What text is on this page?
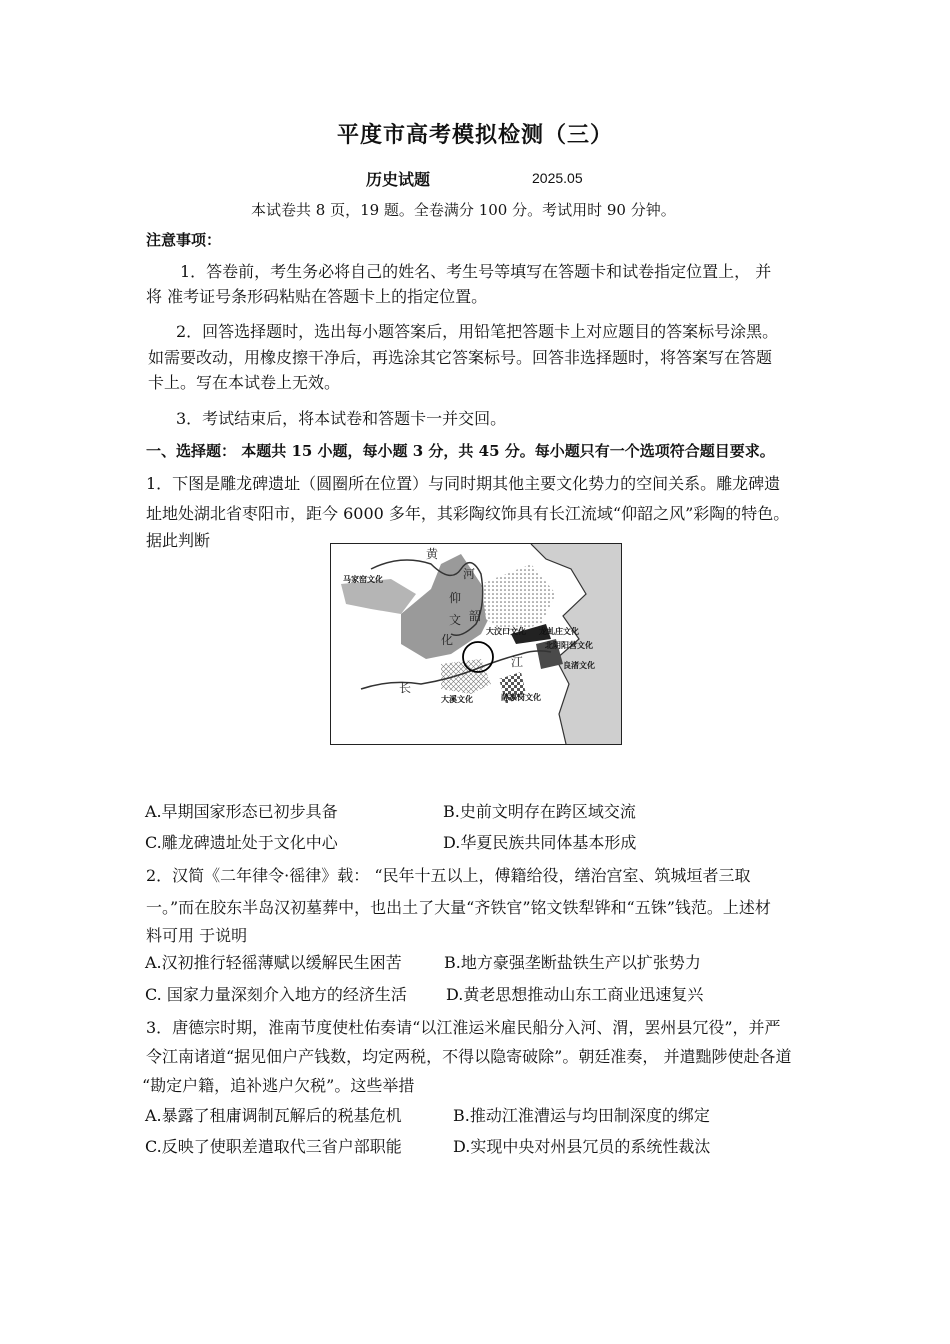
平度市高考模拟检测（三）
历史试题	2025.05
本试卷共 8 页，19 题。全卷满分 100 分。考试用时 90 分钟。
注意事项：
1．答卷前，考生务必将自己的姓名、考生号等填写在答题卡和试卷指定位置上， 并
将 准考证号条形码粘贴在答题卡上的指定位置。
2．回答选择题时，选出每小题答案后，用铅笔把答题卡上对应题目的答案标号涂黑。
如需要改动，用橡皮擦干净后，再选涂其它答案标号。回答非选择题时，将答案写在答题
卡上。写在本试卷上无效。
3．考试结束后，将本试卷和答题卡一并交回。
一、选择题： 本题共 15 小题，每小题 3 分，共 45 分。每小题只有一个选项符合题目要求。
1．下图是雕龙碑遗址（圆圈所在位置）与同时期其他主要文化势力的空间关系。雕龙碑遗
址地处湖北省枣阳市，距今 6000 多年，其彩陶纹饰具有长江流域“仰韶之风”彩陶的特色。
据此判断
马家窑文化
黄
河
仰
韶
文
化
大汶口文化 龙虬庄文化
北阴阳营文化
江	良渚文化
长
大溪文化	薛家岗文化
A.早期国家形态已初步具备	B.史前文明存在跨区域交流
C.雕龙碑遗址处于文化中心	D.华夏民族共同体基本形成
2．汉简《二年律令·徭律》载： “民年十五以上，傅籍给役，缮治宫室、筑城垣者三取
一。”而在胶东半岛汉初墓葬中，也出土了大量“齐铁官”铭文铁犁铧和“五铢”钱范。上述材
料可用 于说明
A.汉初推行轻徭薄赋以缓解民生困苦	B.地方豪强垄断盐铁生产以扩张势力
C. 国家力量深刻介入地方的经济生活 D.黄老思想推动山东工商业迅速复兴
3．唐德宗时期，淮南节度使杜佑奏请“以江淮运米雇民船分入河、渭，罢州县冗役”，并严
令江南诸道“据见佃户产钱数，均定两税，不得以隐寄破除”。朝廷准奏， 并遣黜陟使赴各道
“勘定户籍，追补逃户欠税”。这些举措
A.暴露了租庸调制瓦解后的税基危机	B.推动江淮漕运与均田制深度的绑定
C.反映了使职差遣取代三省户部职能	D.实现中央对州县冗员的系统性裁汰
